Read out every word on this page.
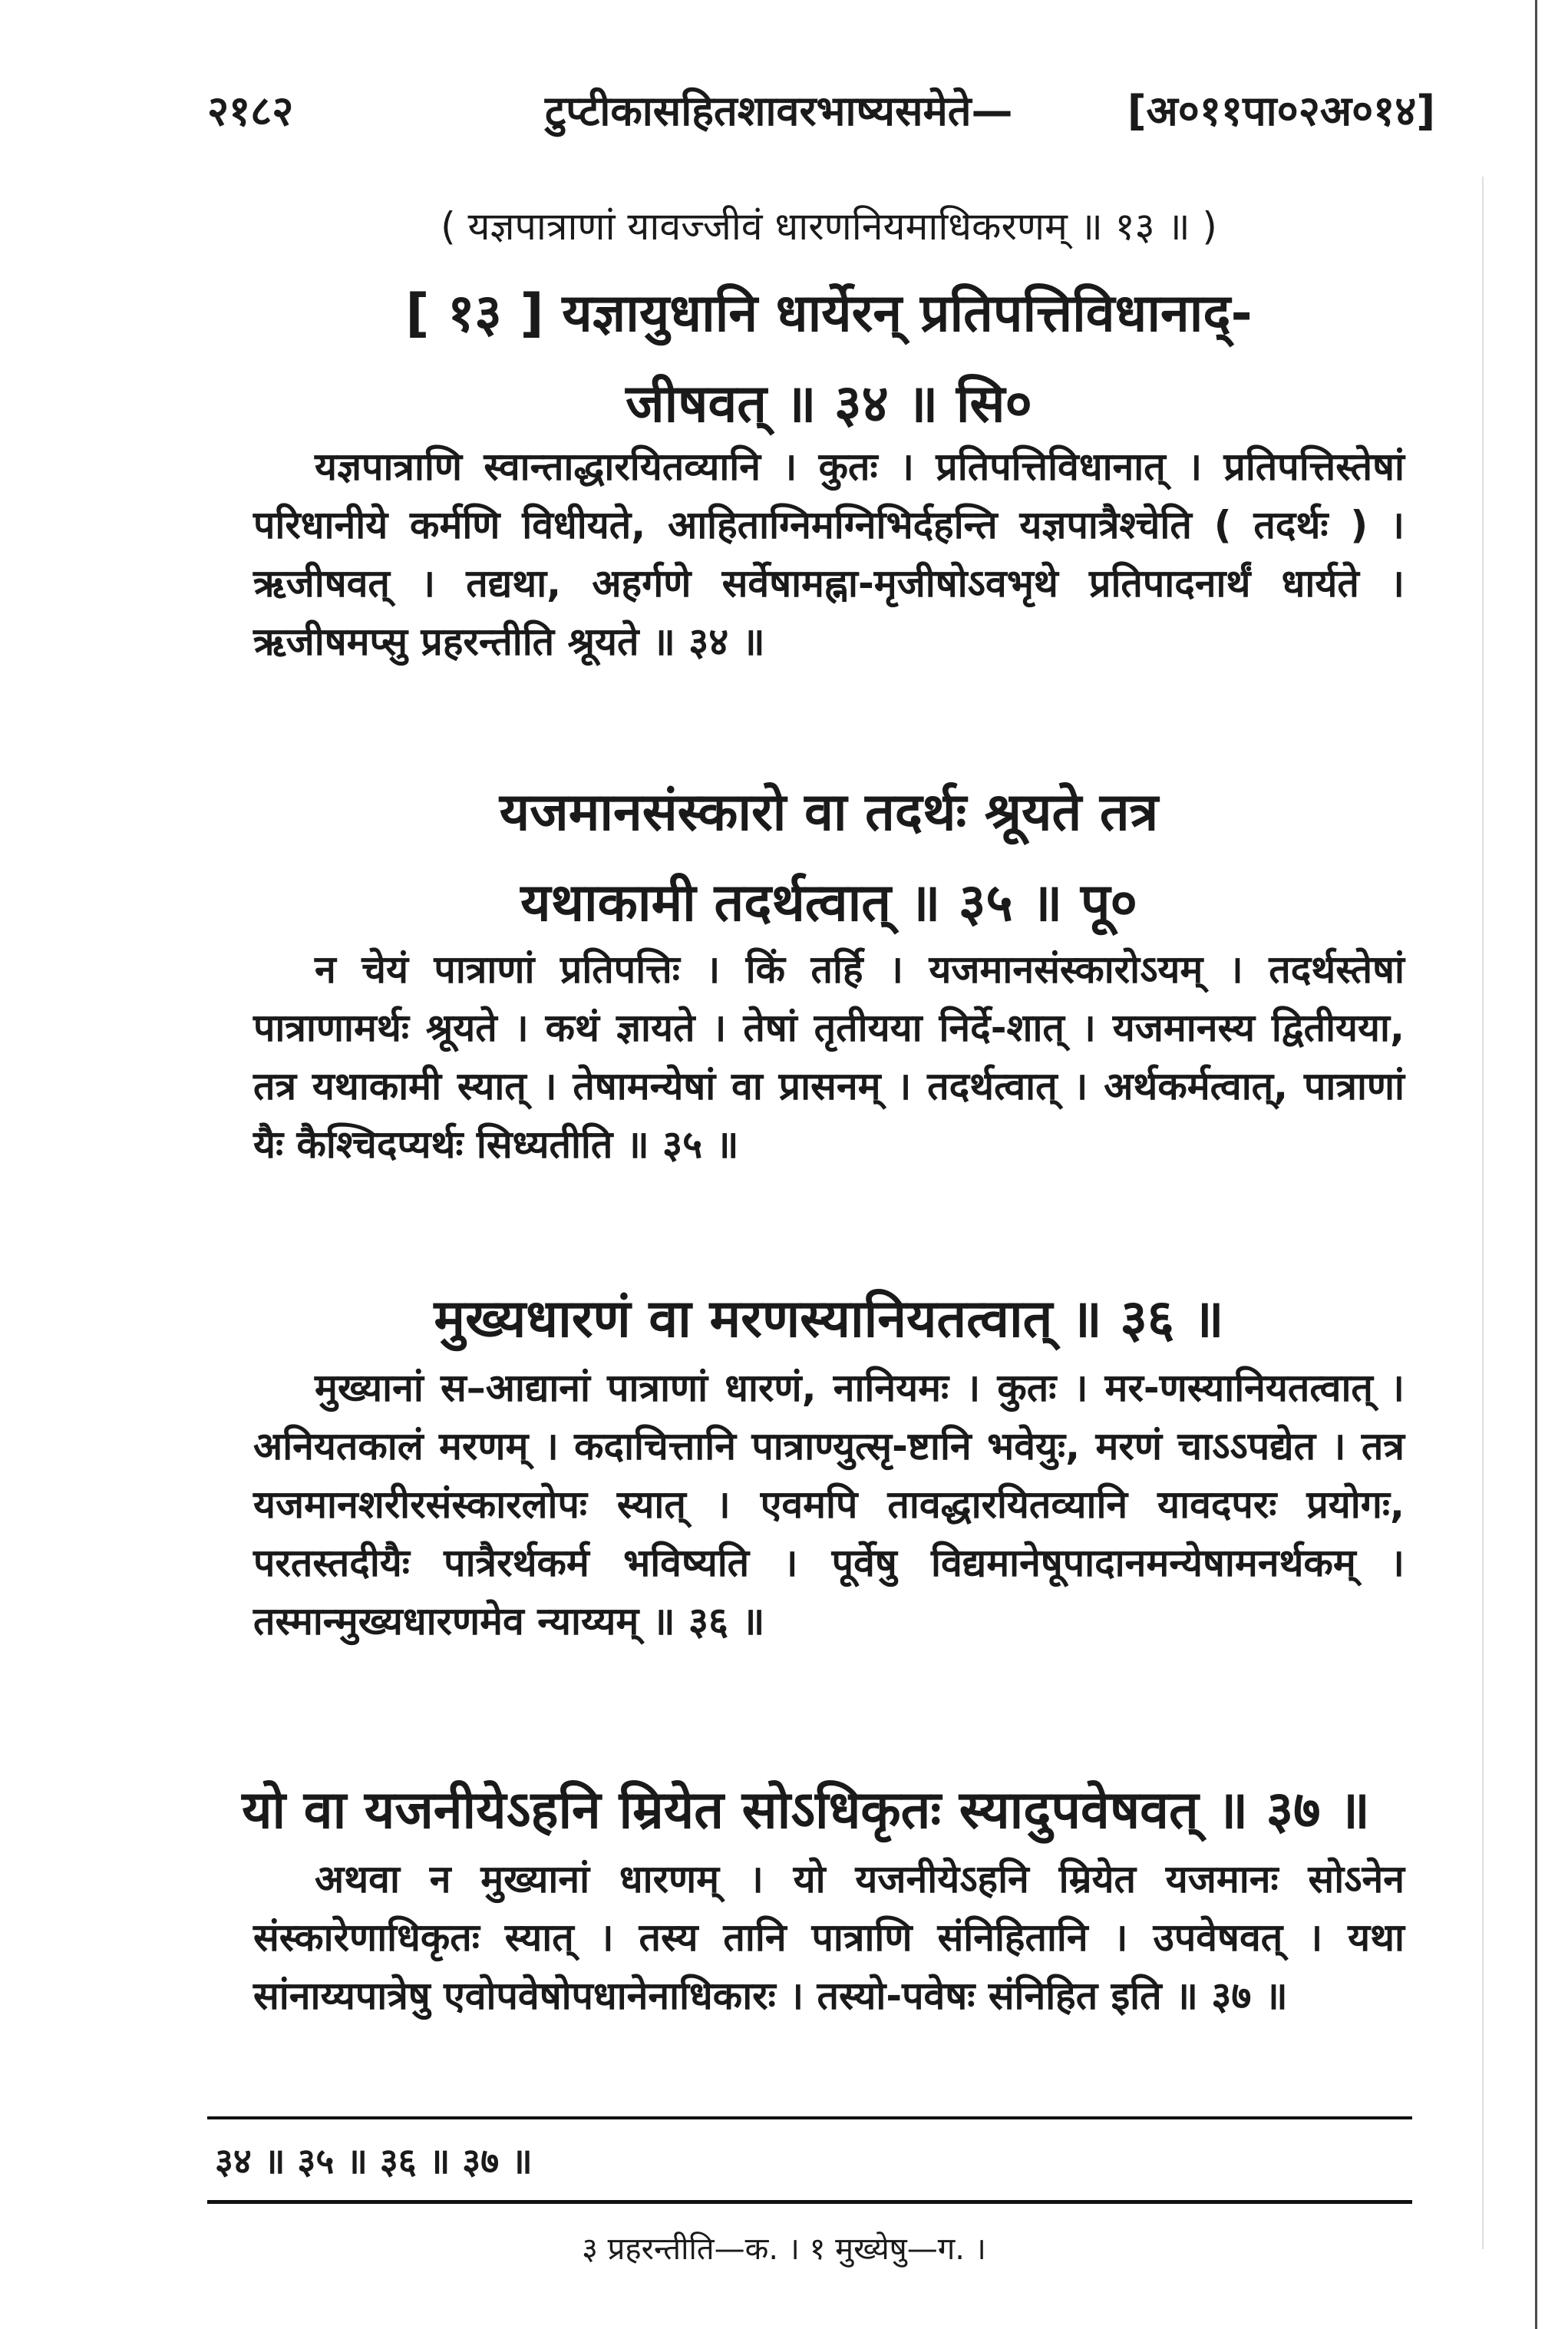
२१८२	टुप्टीकासहितशावरभाष्यसमेते—	[अ०११पा०२अ०१४]
( यज्ञपात्राणां यावज्जीवं धारणनियमाधिकरणम् ॥ १३ ॥ )
[ १३ ] यज्ञायुधानि धार्येरन् प्रतिपत्तिविधानाद्-
जीषवत् ॥ ३४ ॥ सि०
यज्ञपात्राणि स्वान्ताद्धारयितव्यानि । कुतः । प्रतिपत्तिविधानात् । प्रतिपत्तिस्तेषां परिधानीये कर्मणि विधीयते, आहिताग्निमग्निभिर्दहन्ति यज्ञपात्रैश्चेति ( तदर्थः ) । ऋजीषवत् । तद्यथा, अहर्गणे सर्वेषामह्ना-मृजीषोऽवभृथे प्रतिपादनार्थं धार्यते । ऋजीषमप्सु प्रहरन्तीति श्रूयते ॥ ३४ ॥
यजमानसंस्कारो वा तदर्थः श्रूयते तत्र
यथाकामी तदर्थत्वात् ॥ ३५ ॥ पू०
न चेयं पात्राणां प्रतिपत्तिः । किं तर्हि । यजमानसंस्कारोऽयम् । तदर्थस्तेषां पात्राणामर्थः श्रूयते । कथं ज्ञायते । तेषां तृतीयया निर्दे-शात् । यजमानस्य द्वितीयया, तत्र यथाकामी स्यात् । तेषामन्येषां वा प्रासनम् । तदर्थत्वात् । अर्थकर्मत्वात्, पात्राणां यैः कैश्चिदप्यर्थः सिध्यतीति ॥ ३५ ॥
मुख्यधारणं वा मरणस्यानियतत्वात् ॥ ३६ ॥
मुख्यानां स–आद्यानां पात्राणां धारणं, नानियमः । कुतः । मर-णस्यानियतत्वात् । अनियतकालं मरणम् । कदाचित्तानि पात्राण्युत्सृ-ष्टानि भवेयुः, मरणं चाऽऽपद्येत । तत्र यजमानशरीरसंस्कारलोपः स्यात् । एवमपि तावद्धारयितव्यानि यावदपरः प्रयोगः, परतस्तदीयैः पात्रैरर्थकर्म भविष्यति । पूर्वेषु विद्यमानेषूपादानमन्येषामनर्थकम् । तस्मान्मुख्यधारणमेव न्याय्यम् ॥ ३६ ॥
यो वा यजनीयेऽहनि म्रियेत सोऽधिकृतः स्यादुपवेषवत् ॥ ३७ ॥
अथवा न मुख्यानां धारणम् । यो यजनीयेऽहनि म्रियेत यजमानः सोऽनेन संस्कारेणाधिकृतः स्यात् । तस्य तानि पात्राणि संनिहितानि । उपवेषवत् । यथा सांनाय्यपात्रेषु एवोपवेषोपधानेनाधिकारः । तस्यो-पवेषः संनिहित इति ॥ ३७ ॥
३४ ॥ ३५ ॥ ३६ ॥ ३७ ॥
३ प्रहरन्तीति—क. । १ मुख्येषु—ग. ।
